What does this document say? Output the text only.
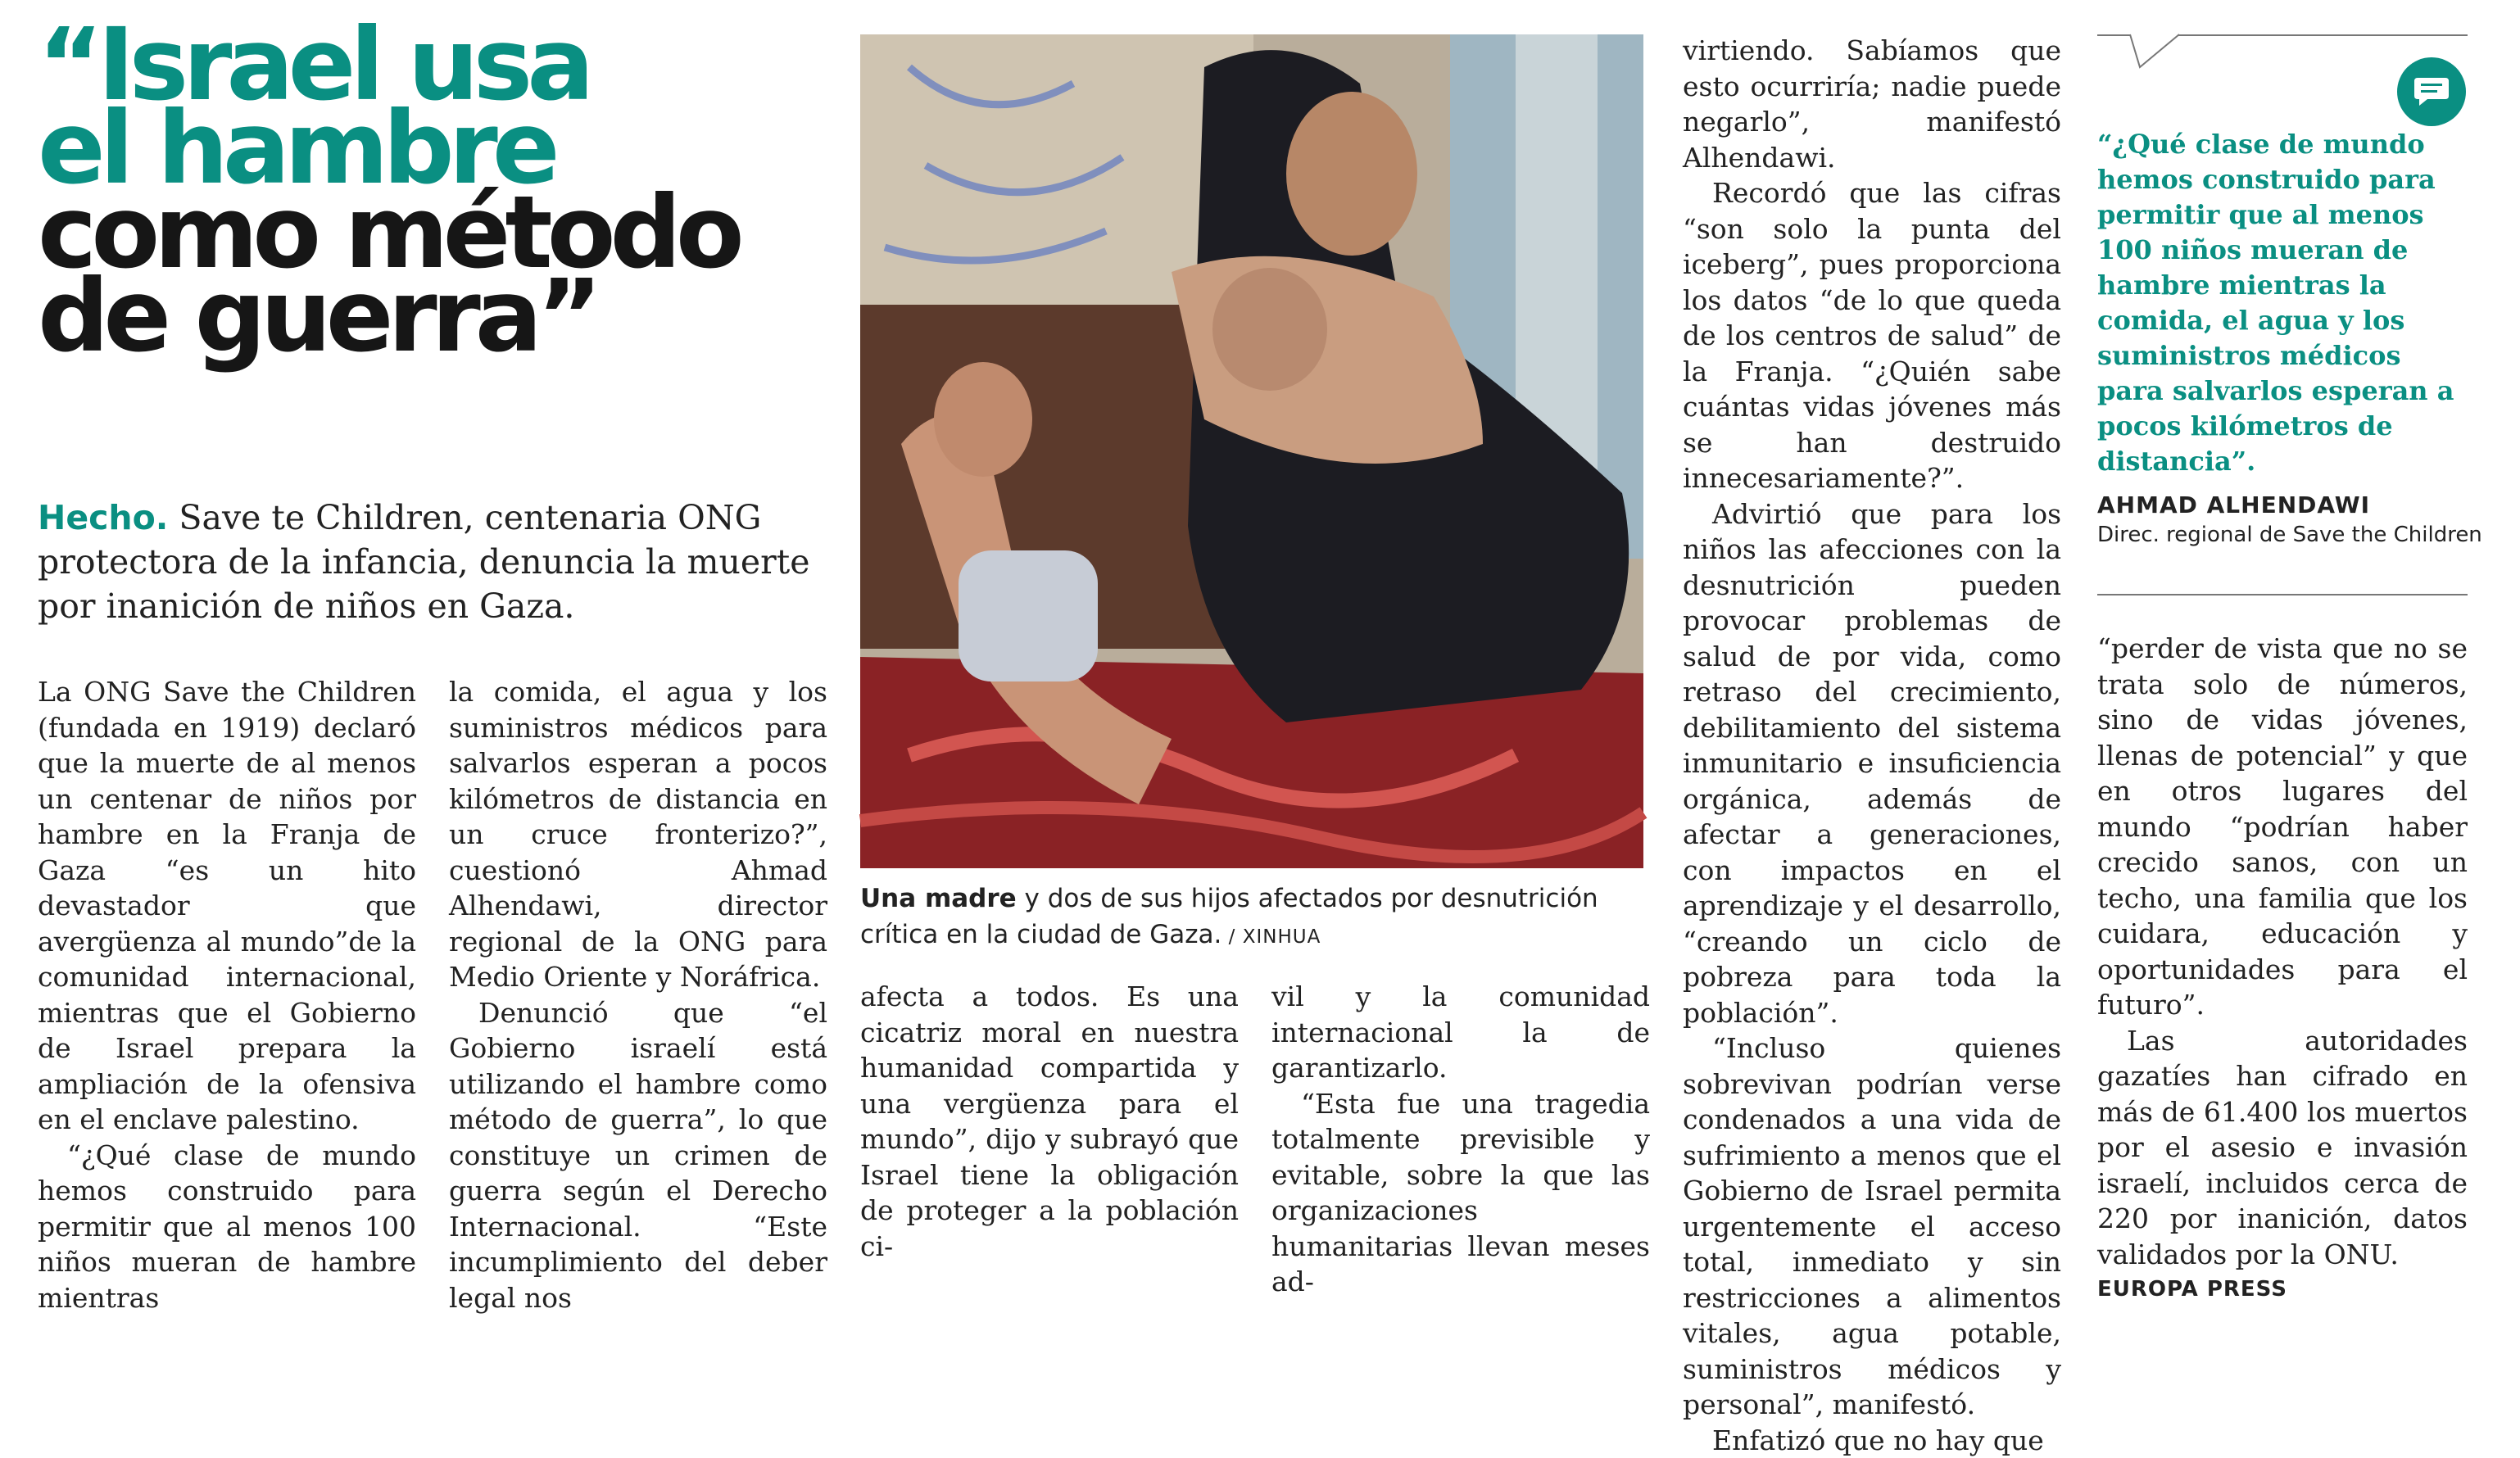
“Israel usa
el hambre
como método
de guerra”

Hecho. Save te Children, centenaria ONG protectora de la infancia, denuncia la muerte por inanición de niños en Gaza.

La ONG Save the Children (fundada en 1919) declaró que la muerte de al menos un centenar de niños por hambre en la Franja de Gaza “es un hito devastador que avergüenza al mundo”de la comunidad internacional, mientras que el Gobierno de Israel prepara la ampliación de la ofensiva en el enclave palestino.

“¿Qué clase de mundo hemos construido para permitir que al menos 100 niños mueran de hambre mientras

la comida, el agua y los suministros médicos para salvarlos esperan a pocos kilómetros de distancia en un cruce fronterizo?”, cuestionó Ahmad Alhendawi, director regional de la ONG para Medio Oriente y Noráfrica.

Denunció que “el Gobierno israelí está utilizando el hambre como método de guerra”, lo que constituye un crimen de guerra según el Derecho Internacional. “Este incumplimiento del deber legal nos

Una madre y dos de sus hijos afectados por desnutrición crítica en la ciudad de Gaza. / XINHUA

afecta a todos. Es una cicatriz moral en nuestra humanidad compartida y una vergüenza para el mundo”, dijo y subrayó que Israel tiene la obligación de proteger a la población ci-

vil y la comunidad internacional la de garantizarlo.

“Esta fue una tragedia totalmente previsible y evitable, sobre la que las organizaciones humanitarias llevan meses ad-

virtiendo. Sabíamos que esto ocurriría; nadie puede negarlo”, manifestó Alhendawi.

Recordó que las cifras “son solo la punta del iceberg”, pues proporciona los datos “de lo que queda de los centros de salud” de la Franja. “¿Quién sabe cuántas vidas jóvenes más se han destruido innecesariamente?”.

Advirtió que para los niños las afecciones con la desnutrición pueden provocar problemas de salud de por vida, como retraso del crecimiento, debilitamiento del sistema inmunitario e insuficiencia orgánica, además de afectar a generaciones, con impactos en el aprendizaje y el desarrollo, “creando un ciclo de pobreza para toda la población”.

“Incluso quienes sobrevivan podrían verse condenados a una vida de sufrimiento a menos que el Gobierno de Israel permita urgentemente el acceso total, inmediato y sin restricciones a alimentos vitales, agua potable, suministros médicos y personal”, manifestó.

Enfatizó que no hay que

“¿Qué clase de mundo hemos construido para permitir que al menos 100 niños mueran de hambre mientras la comida, el agua y los suministros médicos para salvarlos esperan a pocos kilómetros de distancia”.

AHMAD ALHENDAWI

Direc. regional de Save the Children

“perder de vista que no se trata solo de números, sino de vidas jóvenes, llenas de potencial” y que en otros lugares del mundo “podrían haber crecido sanos, con un techo, una familia que los cuidara, educación y oportunidades para el futuro”.

Las autoridades gazatíes han cifrado en más de 61.400 los muertos por el asesio e invasión israelí, incluidos cerca de 220 por inanición, datos validados por la ONU.

EUROPA PRESS
